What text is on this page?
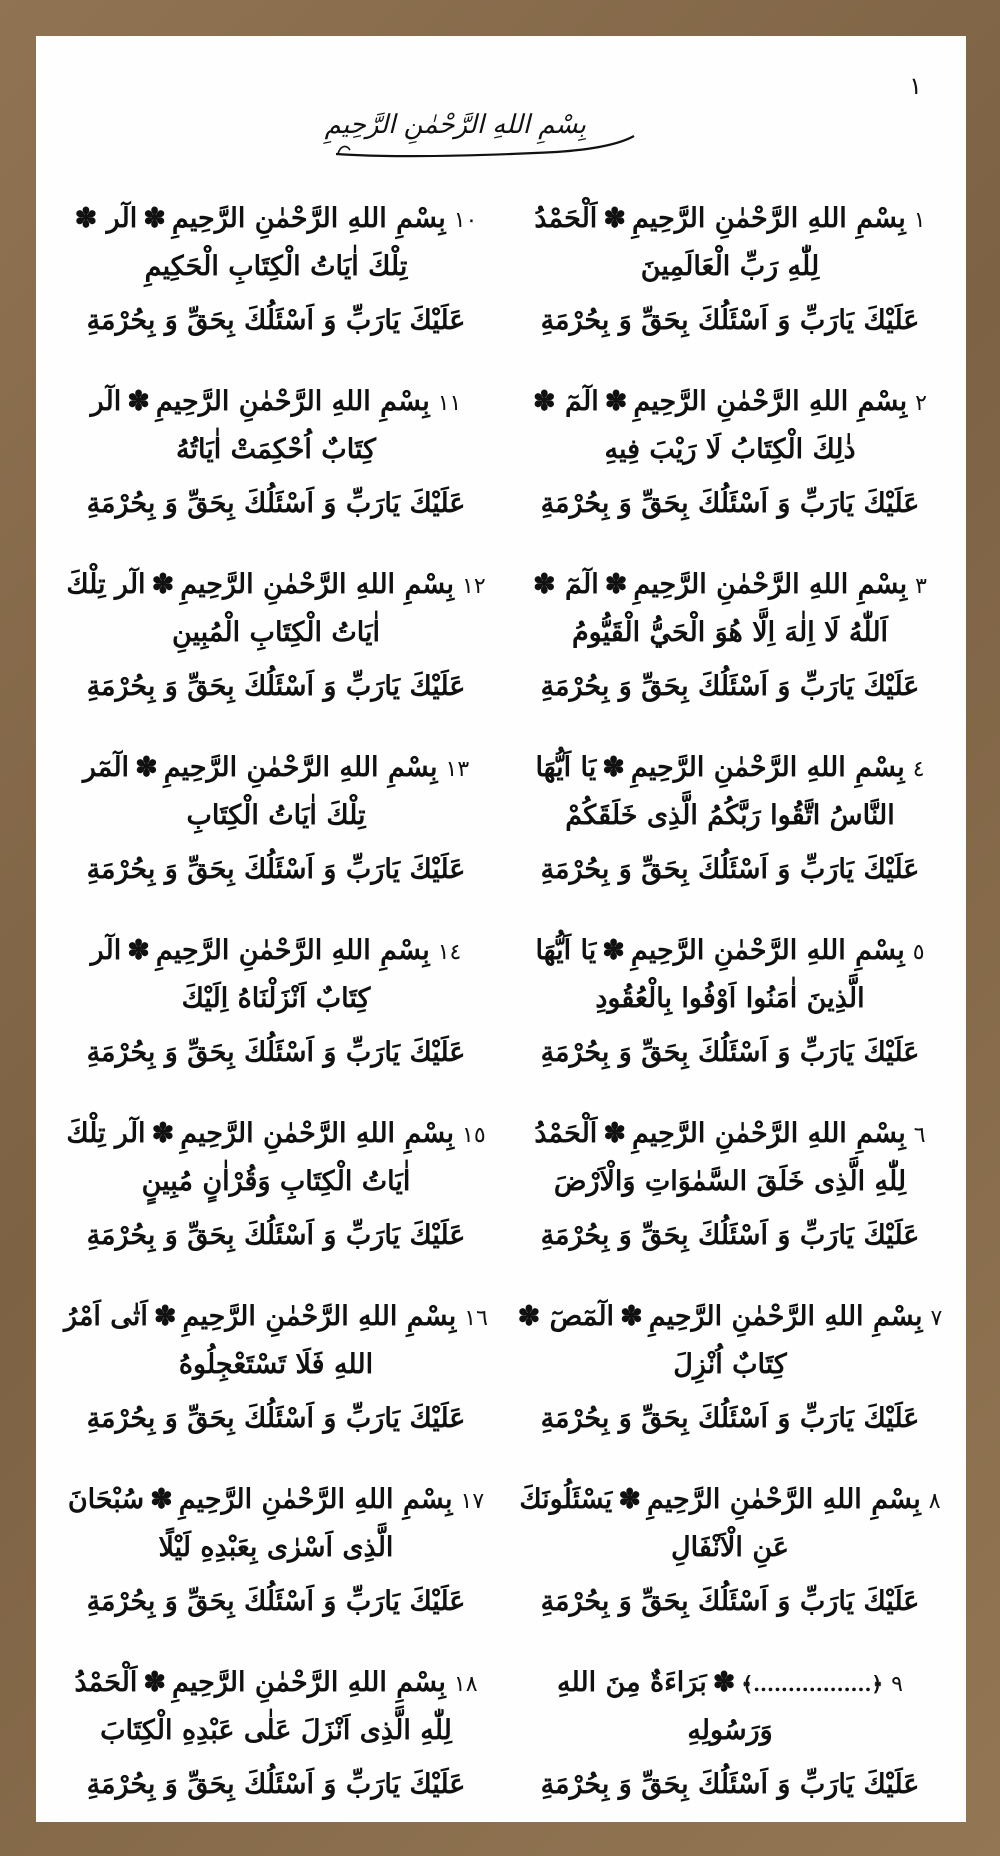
١
بِسْمِ اللهِ الرَّحْمٰنِ الرَّحِيمِ
١بِسْمِ اللهِ الرَّحْمٰنِ الرَّحِيمِ✽اَلْحَمْدُ لِلّٰهِ رَبِّ الْعَالَمِينَ
عَلَيْكَ يَارَبِّ وَ اَسْئَلُكَ بِحَقِّ وَ بِحُرْمَةِ
٢بِسْمِ اللهِ الرَّحْمٰنِ الرَّحِيمِ✽الٓمٓ ✽ ذٰلِكَ الْكِتَابُ لَا رَيْبَ فِيهِ
عَلَيْكَ يَارَبِّ وَ اَسْئَلُكَ بِحَقِّ وَ بِحُرْمَةِ
٣بِسْمِ اللهِ الرَّحْمٰنِ الرَّحِيمِ✽الٓمٓ ✽ اَللّٰهُ لَا اِلٰهَ اِلَّا هُوَ الْحَيُّ الْقَيُّومُ
عَلَيْكَ يَارَبِّ وَ اَسْئَلُكَ بِحَقِّ وَ بِحُرْمَةِ
٤بِسْمِ اللهِ الرَّحْمٰنِ الرَّحِيمِ✽يَا اَيُّهَا النَّاسُ اتَّقُوا رَبَّكُمُ الَّذِى خَلَقَكُمْ
عَلَيْكَ يَارَبِّ وَ اَسْئَلُكَ بِحَقِّ وَ بِحُرْمَةِ
٥بِسْمِ اللهِ الرَّحْمٰنِ الرَّحِيمِ✽يَا اَيُّهَا الَّذِينَ اٰمَنُوا اَوْفُوا بِالْعُقُودِ
عَلَيْكَ يَارَبِّ وَ اَسْئَلُكَ بِحَقِّ وَ بِحُرْمَةِ
٦بِسْمِ اللهِ الرَّحْمٰنِ الرَّحِيمِ✽اَلْحَمْدُ لِلّٰهِ الَّذِى خَلَقَ السَّمٰوَاتِ وَالْاَرْضَ
عَلَيْكَ يَارَبِّ وَ اَسْئَلُكَ بِحَقِّ وَ بِحُرْمَةِ
٧بِسْمِ اللهِ الرَّحْمٰنِ الرَّحِيمِ✽الٓمٓصٓ ✽ كِتَابٌ اُنْزِلَ
عَلَيْكَ يَارَبِّ وَ اَسْئَلُكَ بِحَقِّ وَ بِحُرْمَةِ
٨بِسْمِ اللهِ الرَّحْمٰنِ الرَّحِيمِ✽يَسْئَلُونَكَ عَنِ الْاَنْفَالِ
عَلَيْكَ يَارَبِّ وَ اَسْئَلُكَ بِحَقِّ وَ بِحُرْمَةِ
٩﴿.................﴾✽بَرَاءَةٌ مِنَ اللهِ وَرَسُولِهِ
عَلَيْكَ يَارَبِّ وَ اَسْئَلُكَ بِحَقِّ وَ بِحُرْمَةِ
١٠بِسْمِ اللهِ الرَّحْمٰنِ الرَّحِيمِ✽الٓر ✽ تِلْكَ اٰيَاتُ الْكِتَابِ الْحَكِيمِ
عَلَيْكَ يَارَبِّ وَ اَسْئَلُكَ بِحَقِّ وَ بِحُرْمَةِ
١١بِسْمِ اللهِ الرَّحْمٰنِ الرَّحِيمِ✽الٓر كِتَابٌ اُحْكِمَتْ اٰيَاتُهُ
عَلَيْكَ يَارَبِّ وَ اَسْئَلُكَ بِحَقِّ وَ بِحُرْمَةِ
١٢بِسْمِ اللهِ الرَّحْمٰنِ الرَّحِيمِ✽الٓر تِلْكَ اٰيَاتُ الْكِتَابِ الْمُبِينِ
عَلَيْكَ يَارَبِّ وَ اَسْئَلُكَ بِحَقِّ وَ بِحُرْمَةِ
١٣بِسْمِ اللهِ الرَّحْمٰنِ الرَّحِيمِ✽الٓمٓر تِلْكَ اٰيَاتُ الْكِتَابِ
عَلَيْكَ يَارَبِّ وَ اَسْئَلُكَ بِحَقِّ وَ بِحُرْمَةِ
١٤بِسْمِ اللهِ الرَّحْمٰنِ الرَّحِيمِ✽الٓر كِتَابٌ اَنْزَلْنَاهُ اِلَيْكَ
عَلَيْكَ يَارَبِّ وَ اَسْئَلُكَ بِحَقِّ وَ بِحُرْمَةِ
١٥بِسْمِ اللهِ الرَّحْمٰنِ الرَّحِيمِ✽الٓر تِلْكَ اٰيَاتُ الْكِتَابِ وَقُرْاٰنٍ مُبِينٍ
عَلَيْكَ يَارَبِّ وَ اَسْئَلُكَ بِحَقِّ وَ بِحُرْمَةِ
١٦بِسْمِ اللهِ الرَّحْمٰنِ الرَّحِيمِ✽اَتٰى اَمْرُ اللهِ فَلَا تَسْتَعْجِلُوهُ
عَلَيْكَ يَارَبِّ وَ اَسْئَلُكَ بِحَقِّ وَ بِحُرْمَةِ
١٧بِسْمِ اللهِ الرَّحْمٰنِ الرَّحِيمِ✽سُبْحَانَ الَّذِى اَسْرٰى بِعَبْدِهِ لَيْلًا
عَلَيْكَ يَارَبِّ وَ اَسْئَلُكَ بِحَقِّ وَ بِحُرْمَةِ
١٨بِسْمِ اللهِ الرَّحْمٰنِ الرَّحِيمِ✽اَلْحَمْدُ لِلّٰهِ الَّذِى اَنْزَلَ عَلٰى عَبْدِهِ الْكِتَابَ
عَلَيْكَ يَارَبِّ وَ اَسْئَلُكَ بِحَقِّ وَ بِحُرْمَةِ
